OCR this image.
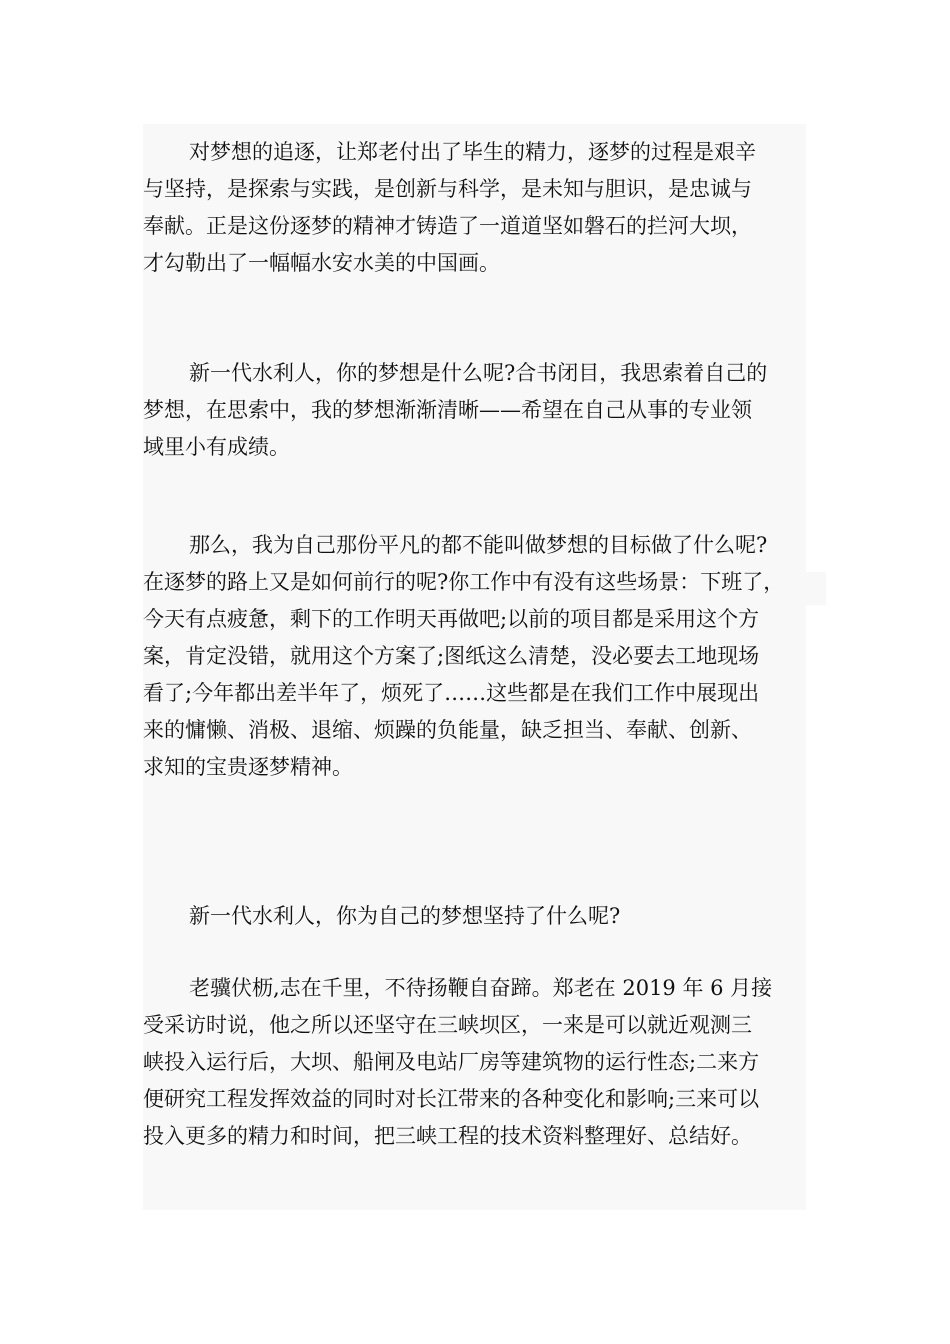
对梦想的追逐，让郑老付出了毕生的精力，逐梦的过程是艰辛
与坚持，是探索与实践，是创新与科学，是未知与胆识，是忠诚与
奉献。正是这份逐梦的精神才铸造了一道道坚如磐石的拦河大坝，
才勾勒出了一幅幅水安水美的中国画。

新一代水利人，你的梦想是什么呢?合书闭目，我思索着自己的
梦想，在思索中，我的梦想渐渐清晰——希望在自己从事的专业领
域里小有成绩。

那么，我为自己那份平凡的都不能叫做梦想的目标做了什么呢?
在逐梦的路上又是如何前行的呢?你工作中有没有这些场景：下班了，
今天有点疲惫，剩下的工作明天再做吧;以前的项目都是采用这个方
案，肯定没错，就用这个方案了;图纸这么清楚，没必要去工地现场
看了;今年都出差半年了，烦死了……这些都是在我们工作中展现出
来的慵懒、消极、退缩、烦躁的负能量，缺乏担当、奉献、创新、
求知的宝贵逐梦精神。

新一代水利人，你为自己的梦想坚持了什么呢?

老骥伏枥,志在千里，不待扬鞭自奋蹄。郑老在 2019 年 6 月接
受采访时说，他之所以还坚守在三峡坝区，一来是可以就近观测三
峡投入运行后，大坝、船闸及电站厂房等建筑物的运行性态;二来方
便研究工程发挥效益的同时对长江带来的各种变化和影响;三来可以
投入更多的精力和时间，把三峡工程的技术资料整理好、总结好。
